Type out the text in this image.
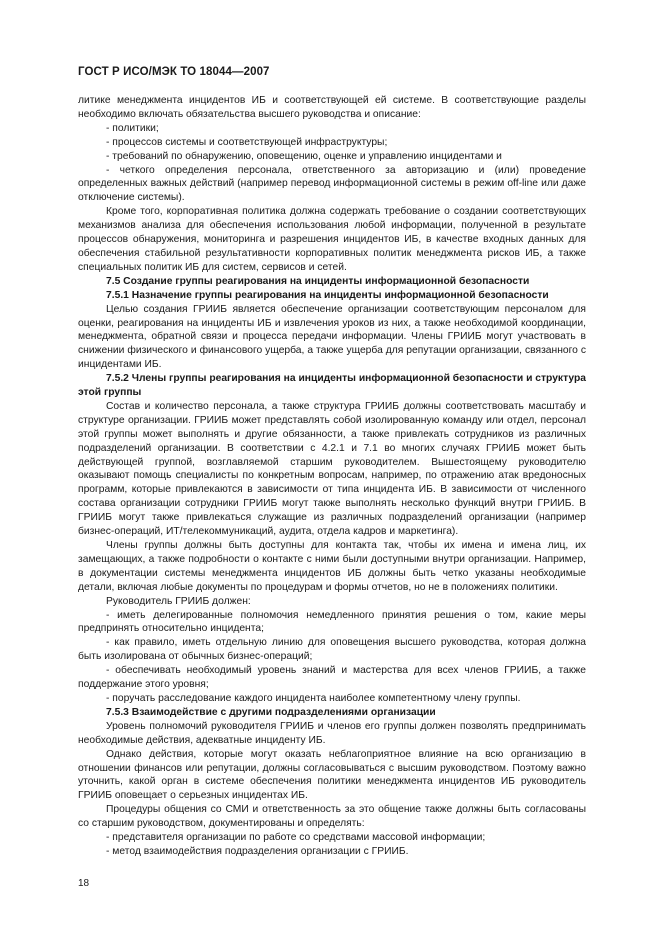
ГОСТ Р ИСО/МЭК ТО 18044—2007

литике менеджмента инцидентов ИБ и соответствующей ей системе. В соответствующие разделы необходимо включать обязательства высшего руководства и описание:

- политики;

- процессов системы и соответствующей инфраструктуры;

- требований по обнаружению, оповещению, оценке и управлению инцидентами и

- четкого определения персонала, ответственного за авторизацию и (или) проведение определенных важных действий (например перевод информационной системы в режим off-line или даже отключение системы).

Кроме того, корпоративная политика должна содержать требование о создании соответствующих механизмов анализа для обеспечения использования любой информации, полученной в результате процессов обнаружения, мониторинга и разрешения инцидентов ИБ, в качестве входных данных для обеспечения стабильной результативности корпоративных политик менеджмента рисков ИБ, а также специальных политик ИБ для систем, сервисов и сетей.

7.5 Создание группы реагирования на инциденты информационной безопасности

7.5.1 Назначение группы реагирования на инциденты информационной безопасности

Целью создания ГРИИБ является обеспечение организации соответствующим персоналом для оценки, реагирования на инциденты ИБ и извлечения уроков из них, а также необходимой координации, менеджмента, обратной связи и процесса передачи информации. Члены ГРИИБ могут участвовать в снижении физического и финансового ущерба, а также ущерба для репутации организации, связанного с инцидентами ИБ.

7.5.2 Члены группы реагирования на инциденты информационной безопасности и структура этой группы

Состав и количество персонала, а также структура ГРИИБ должны соответствовать масштабу и структуре организации. ГРИИБ может представлять собой изолированную команду или отдел, персонал этой группы может выполнять и другие обязанности, а также привлекать сотрудников из различных подразделений организации. В соответствии с 4.2.1 и 7.1 во многих случаях ГРИИБ может быть действующей группой, возглавляемой старшим руководителем. Вышестоящему руководителю оказывают помощь специалисты по конкретным вопросам, например, по отражению атак вредоносных программ, которые привлекаются в зависимости от типа инцидента ИБ. В зависимости от численного состава организации сотрудники ГРИИБ могут также выполнять несколько функций внутри ГРИИБ. В ГРИИБ могут также привлекаться служащие из различных подразделений организации (например бизнес-операций, ИТ/телекоммуникаций, аудита, отдела кадров и маркетинга).

Члены группы должны быть доступны для контакта так, чтобы их имена и имена лиц, их замещающих, а также подробности о контакте с ними были доступными внутри организации. Например, в документации системы менеджмента инцидентов ИБ должны быть четко указаны необходимые детали, включая любые документы по процедурам и формы отчетов, но не в положениях политики.

Руководитель ГРИИБ должен:

- иметь делегированные полномочия немедленного принятия решения о том, какие меры предпринять относительно инцидента;

- как правило, иметь отдельную линию для оповещения высшего руководства, которая должна быть изолирована от обычных бизнес-операций;

- обеспечивать необходимый уровень знаний и мастерства для всех членов ГРИИБ, а также поддержание этого уровня;

- поручать расследование каждого инцидента наиболее компетентному члену группы.

7.5.3 Взаимодействие с другими подразделениями организации

Уровень полномочий руководителя ГРИИБ и членов его группы должен позволять предпринимать необходимые действия, адекватные инциденту ИБ.

Однако действия, которые могут оказать неблагоприятное влияние на всю организацию в отношении финансов или репутации, должны согласовываться с высшим руководством. Поэтому важно уточнить, какой орган в системе обеспечения политики менеджмента инцидентов ИБ руководитель ГРИИБ оповещает о серьезных инцидентах ИБ.

Процедуры общения со СМИ и ответственность за это общение также должны быть согласованы со старшим руководством, документированы и определять:

- представителя организации по работе со средствами массовой информации;

- метод взаимодействия подразделения организации с ГРИИБ.

18
